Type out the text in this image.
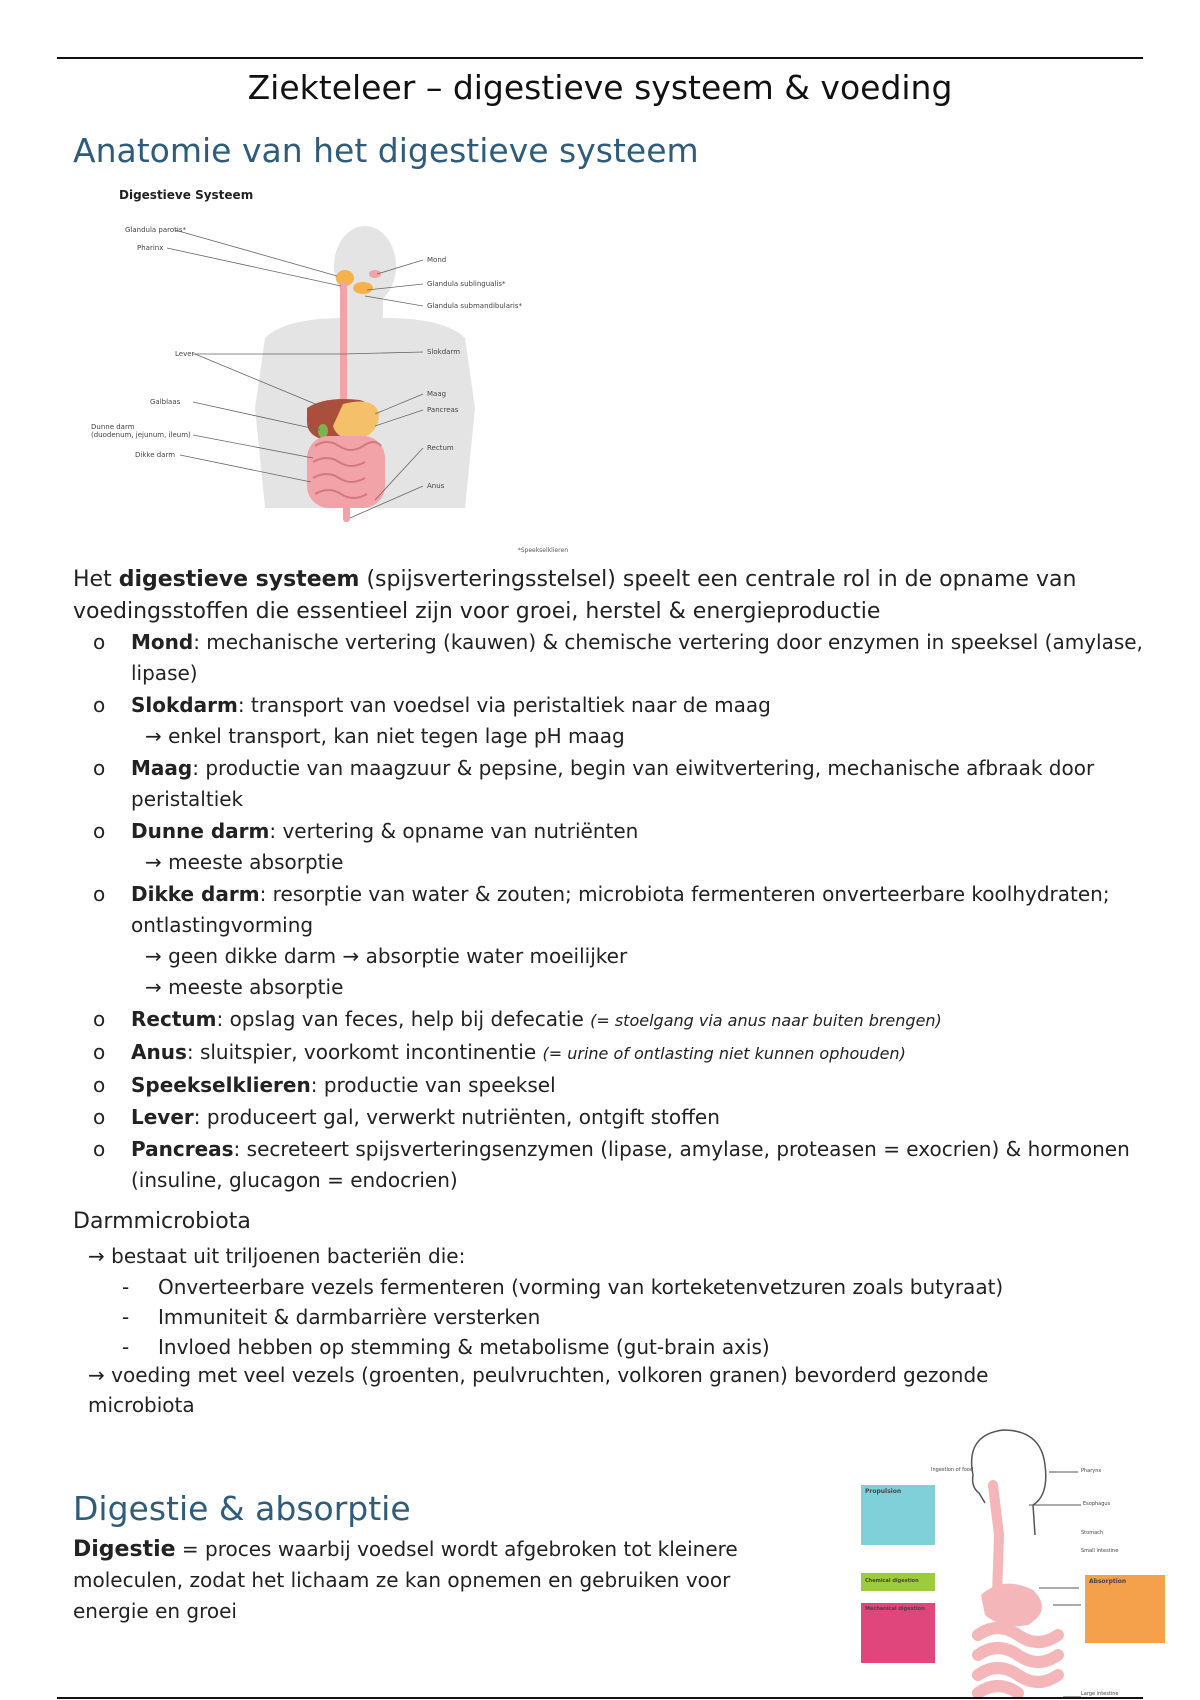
Ziekteleer – digestieve systeem & voeding
Anatomie van het digestieve systeem
Digestieve Systeem
Glandula parotis*
Pharinx
Lever
Galblaas
Dunne darm
(duodenum, jejunum, ileum)
Dikke darm
Mond
Glandula sublingualis*
Glandula submandibularis*
Slokdarm
Maag
Pancreas
Rectum
Anus
*Speekselklieren

Het digestieve systeem (spijsverteringsstelsel) speelt een centrale rol in de opname van voedingsstoffen die essentieel zijn voor groei, herstel & energieproductie

o Mond: mechanische vertering (kauwen) & chemische vertering door enzymen in speeksel (amylase, lipase)
o Slokdarm: transport van voedsel via peristaltiek naar de maag
→ enkel transport, kan niet tegen lage pH maag
o Maag: productie van maagzuur & pepsine, begin van eiwitvertering, mechanische afbraak door peristaltiek
o Dunne darm: vertering & opname van nutriënten
→ meeste absorptie
o Dikke darm: resorptie van water & zouten; microbiota fermenteren onverteerbare koolhydraten; ontlastingvorming
→ geen dikke darm → absorptie water moeilijker
→ meeste absorptie
o Rectum: opslag van feces, help bij defecatie (= stoelgang via anus naar buiten brengen)
o Anus: sluitspier, voorkomt incontinentie (= urine of ontlasting niet kunnen ophouden)
o Speekselklieren: productie van speeksel
o Lever: produceert gal, verwerkt nutriënten, ontgift stoffen
o Pancreas: secreteert spijsverteringsenzymen (lipase, amylase, proteasen = exocrien) & hormonen (insuline, glucagon = endocrien)
Darmmicrobiota
→ bestaat uit triljoenen bacteriën die:
- Onverteerbare vezels fermenteren (vorming van korteketenvetzuren zoals butyraat)
- Immuniteit & darmbarrière versterken
- Invloed hebben op stemming & metabolisme (gut-brain axis)
→ voeding met veel vezels (groenten, peulvruchten, volkoren granen) bevorderd gezonde microbiota
Digestie & absorptie

Digestie = proces waarbij voedsel wordt afgebroken tot kleinere moleculen, zodat het lichaam ze kan opnemen en gebruiken voor energie en groei

Ingestion of food	Pharynx
Esophagus
Stomach
Small intestine
Large intestine
Propulsion
Chemical digestion
Mechanical digestion
Absorption
